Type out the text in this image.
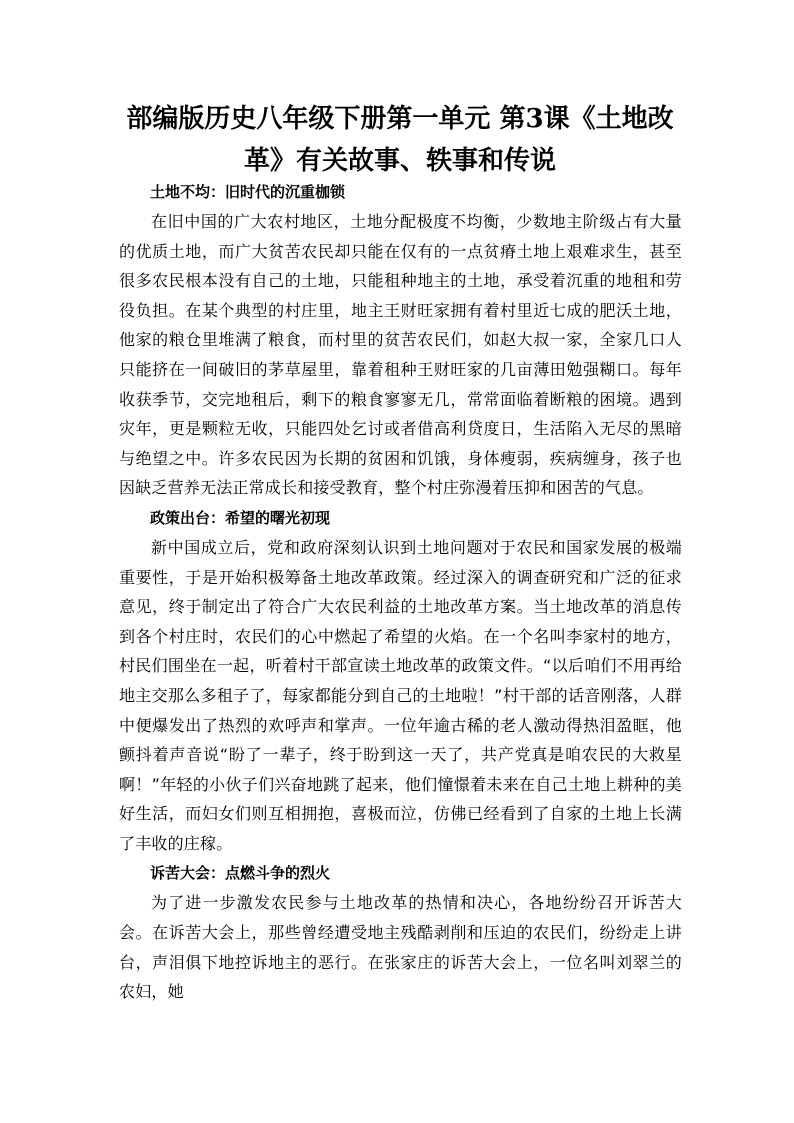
部编版历史八年级下册第一单元 第3课《土地改革》有关故事、轶事和传说
土地不均：旧时代的沉重枷锁

在旧中国的广大农村地区，土地分配极度不均衡，少数地主阶级占有大量的优质土地，而广大贫苦农民却只能在仅有的一点贫瘠土地上艰难求生，甚至很多农民根本没有自己的土地，只能租种地主的土地，承受着沉重的地租和劳役负担。在某个典型的村庄里，地主王财旺家拥有着村里近七成的肥沃土地，他家的粮仓里堆满了粮食，而村里的贫苦农民们，如赵大叔一家，全家几口人只能挤在一间破旧的茅草屋里，靠着租种王财旺家的几亩薄田勉强糊口。每年收获季节，交完地租后，剩下的粮食寥寥无几，常常面临着断粮的困境。遇到灾年，更是颗粒无收，只能四处乞讨或者借高利贷度日，生活陷入无尽的黑暗与绝望之中。许多农民因为长期的贫困和饥饿，身体瘦弱，疾病缠身，孩子也因缺乏营养无法正常成长和接受教育，整个村庄弥漫着压抑和困苦的气息。

政策出台：希望的曙光初现

新中国成立后，党和政府深刻认识到土地问题对于农民和国家发展的极端重要性，于是开始积极筹备土地改革政策。经过深入的调查研究和广泛的征求意见，终于制定出了符合广大农民利益的土地改革方案。当土地改革的消息传到各个村庄时，农民们的心中燃起了希望的火焰。在一个名叫李家村的地方，村民们围坐在一起，听着村干部宣读土地改革的政策文件。“以后咱们不用再给地主交那么多租子了，每家都能分到自己的土地啦！”村干部的话音刚落，人群中便爆发出了热烈的欢呼声和掌声。一位年逾古稀的老人激动得热泪盈眶，他颤抖着声音说“盼了一辈子，终于盼到这一天了，共产党真是咱农民的大救星啊！”年轻的小伙子们兴奋地跳了起来，他们憧憬着未来在自己土地上耕种的美好生活，而妇女们则互相拥抱，喜极而泣，仿佛已经看到了自家的土地上长满了丰收的庄稼。

诉苦大会：点燃斗争的烈火

为了进一步激发农民参与土地改革的热情和决心，各地纷纷召开诉苦大会。在诉苦大会上，那些曾经遭受地主残酷剥削和压迫的农民们，纷纷走上讲台，声泪俱下地控诉地主的恶行。在张家庄的诉苦大会上，一位名叫刘翠兰的农妇，她
